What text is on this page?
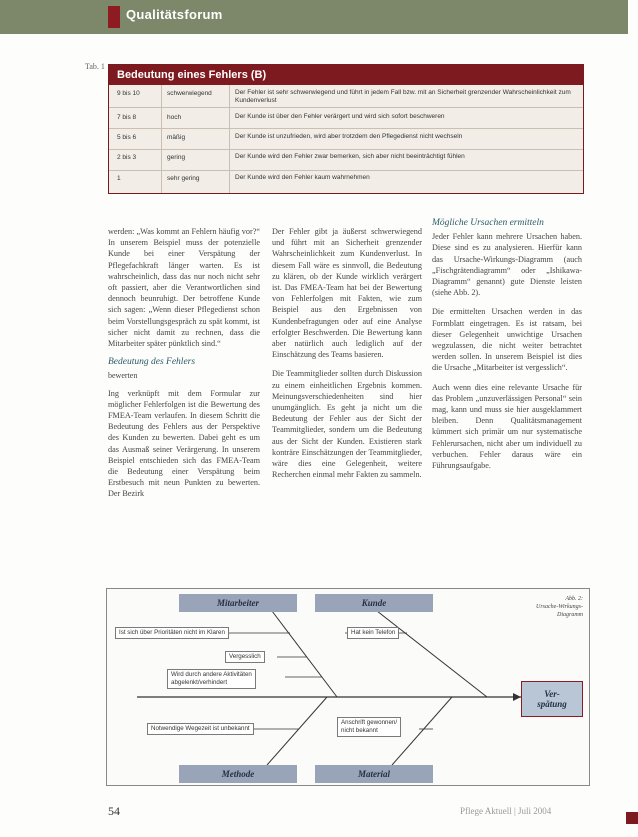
Qualitätsforum
Tab. 1
Bedeutung eines Fehlers (B)
9 bis 10	schwerwiegend	Der Fehler ist sehr schwerwiegend und führt in jedem Fall bzw. mit an Sicherheit grenzender Wahrscheinlichkeit zum Kundenverlust
7 bis 8	hoch	Der Kunde ist über den Fehler verärgert und wird sich sofort beschweren
5 bis 6	mäßig	Der Kunde ist unzufrieden, wird aber trotzdem den Pflegedienst nicht wechseln
2 bis 3	gering	Der Kunde wird den Fehler zwar bemerken, sich aber nicht beeinträchtigt fühlen
1	sehr gering	Der Kunde wird den Fehler kaum wahrnehmen

werden: „Was kommt an Fehlern häufig vor?“ In unserem Beispiel muss der potenzielle Kunde bei einer Verspätung der Pflegefachkraft länger warten. Es ist wahrscheinlich, dass das nur noch nicht sehr oft passiert, aber die Verantwortlichen sind dennoch beunruhigt. Der betroffene Kunde sich sagen: „Wenn dieser Pflegedienst schon beim Vorstellungsgespräch zu spät kommt, ist sicher nicht damit zu rechnen, dass die Mitarbeiter später pünktlich sind.“

Bedeutung des Fehlers
bewerten

Ing verknüpft mit dem Formular zur möglicher Fehlerfolgen ist die Bewertung des FMEA-Team verlaufen. In diesem Schritt die Bedeutung des Fehlers aus der Perspektive des Kunden zu bewerten. Dabei geht es um das Ausmaß seiner Verärgerung. In unserem Beispiel entschieden sich das FMEA-Team die Bedeutung einer Verspätung beim Erstbesuch mit neun Punkten zu bewerten. Der Bezirk

Der Fehler gibt ja äußerst schwerwiegend und führt mit an Sicherheit grenzender Wahrscheinlichkeit zum Kundenverlust. In diesem Fall wäre es sinnvoll, die Bedeutung zu klären, ob der Kunde wirklich verärgert ist. Das FMEA-Team hat bei der Bewertung von Fehlerfolgen mit Fakten, wie zum Beispiel aus den Ergebnissen von Kundenbefragungen oder auf eine Analyse erfolgter Beschwerden. Die Bewertung kann aber natürlich auch lediglich auf der Einschätzung des Teams basieren.

Die Teammitglieder sollten durch Diskussion zu einem einheitlichen Ergebnis kommen. Meinungsverschiedenheiten sind hier unumgänglich. Es geht ja nicht um die Bedeutung der Fehler aus der Sicht der Teammitglieder, sondern um die Bedeutung aus der Sicht der Kunden. Existieren stark konträre Einschätzungen der Teammitglieder, wäre dies eine Gelegenheit, weitere Recherchen einmal mehr Fakten zu sammeln.

Mögliche Ursachen ermitteln

Jeder Fehler kann mehrere Ursachen haben. Diese sind es zu analysieren. Hierfür kann das Ursache-Wirkungs-Diagramm (auch „Fischgrätendiagramm“ oder „Ishikawa-Diagramm“ genannt) gute Dienste leisten (siehe Abb. 2).

Die ermittelten Ursachen werden in das Formblatt eingetragen. Es ist ratsam, bei dieser Gelegenheit unwichtige Ursachen wegzulassen, die nicht weiter betrachtet werden sollen. In unserem Beispiel ist dies die Ursache „Mitarbeiter ist vergesslich“.

Auch wenn dies eine relevante Ursache für das Problem „unzuverlässigen Personal“ sein mag, kann und muss sie hier ausgeklammert bleiben. Denn Qualitätsmanagement kümmert sich primär um nur systematische Fehlerursachen, nicht aber um individuell zu verbuchen. Fehler daraus wäre ein Führungsaufgabe.

Mitarbeiter	Kunde
Methode	Material
Abb. 2:
Ursache-Wirkungs-Diagramm
Ist sich über Prioritäten nicht im Klaren
Vergesslich
Wird durch andere Aktivitäten
abgelenkt/verhindert
Hat kein Telefon
Notwendige Wegezeit ist unbekannt
Anschrift gewonnen/
nicht bekannt
Ver-
spätung
54	Pflege Aktuell | Juli 2004
